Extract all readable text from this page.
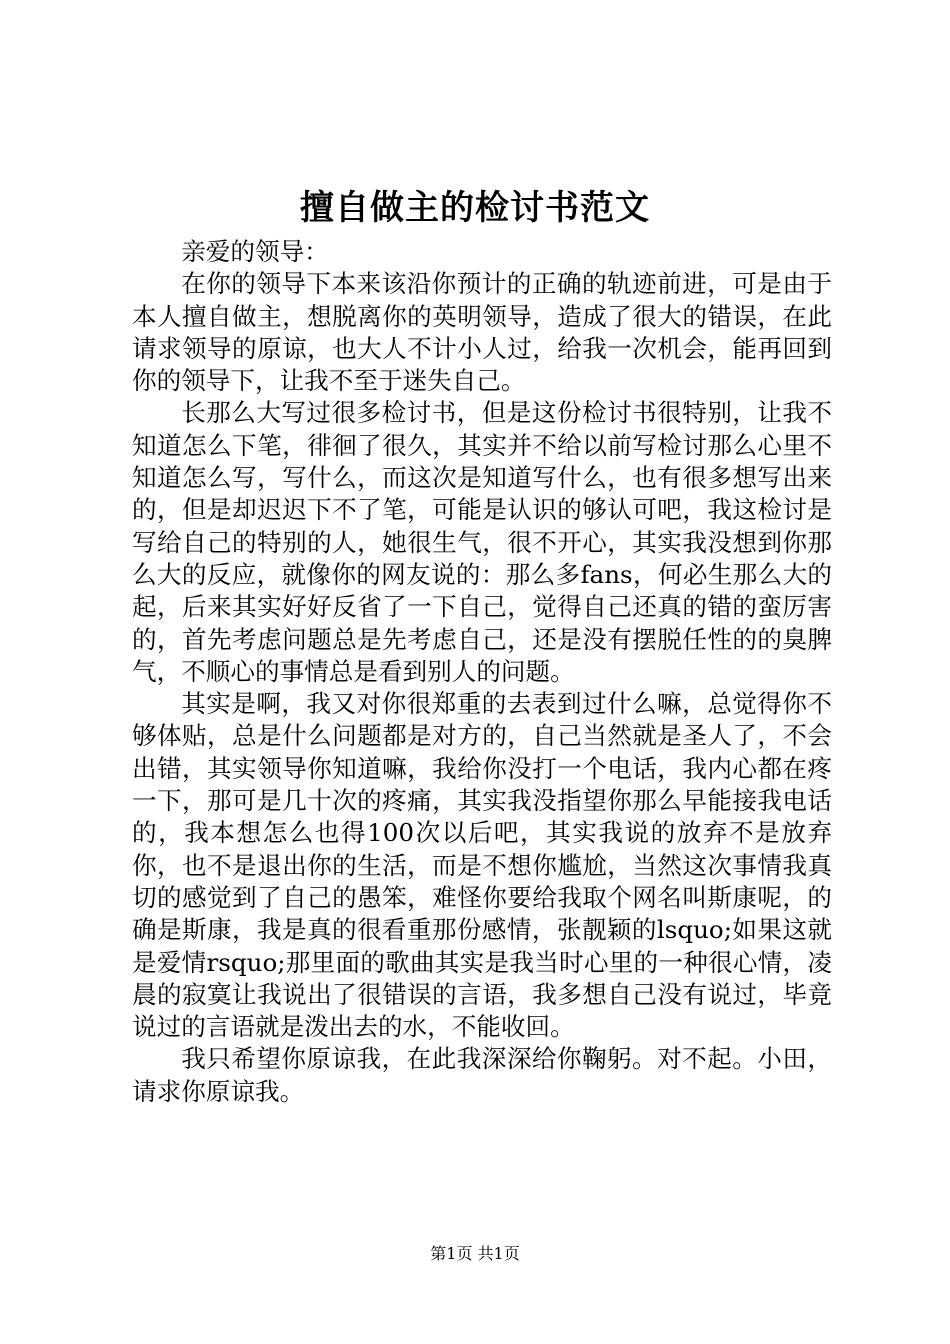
擅自做主的检讨书范文

亲爱的领导：

在你的领导下本来该沿你预计的正确的轨迹前进，可是由于本人擅自做主，想脱离你的英明领导，造成了很大的错误，在此请求领导的原谅，也大人不计小人过，给我一次机会，能再回到你的领导下，让我不至于迷失自己。

长那么大写过很多检讨书，但是这份检讨书很特别，让我不知道怎么下笔，徘徊了很久，其实并不给以前写检讨那么心里不知道怎么写，写什么，而这次是知道写什么，也有很多想写出来的，但是却迟迟下不了笔，可能是认识的够认可吧，我这检讨是写给自己的特别的人，她很生气，很不开心，其实我没想到你那么大的反应，就像你的网友说的：那么多fans，何必生那么大的起，后来其实好好反省了一下自己，觉得自己还真的错的蛮厉害的，首先考虑问题总是先考虑自己，还是没有摆脱任性的的臭脾气，不顺心的事情总是看到别人的问题。

其实是啊，我又对你很郑重的去表到过什么嘛，总觉得你不够体贴，总是什么问题都是对方的，自己当然就是圣人了，不会出错，其实领导你知道嘛，我给你没打一个电话，我内心都在疼一下，那可是几十次的疼痛，其实我没指望你那么早能接我电话的，我本想怎么也得100次以后吧，其实我说的放弃不是放弃你，也不是退出你的生活，而是不想你尴尬，当然这次事情我真切的感觉到了自己的愚笨，难怪你要给我取个网名叫斯康呢，的确是斯康，我是真的很看重那份感情，张靓颖的lsquo;如果这就是爱情rsquo;那里面的歌曲其实是我当时心里的一种很心情，凌晨的寂寞让我说出了很错误的言语，我多想自己没有说过，毕竟说过的言语就是泼出去的水，不能收回。

我只希望你原谅我，在此我深深给你鞠躬。对不起。小田，请求你原谅我。

第1页 共1页
